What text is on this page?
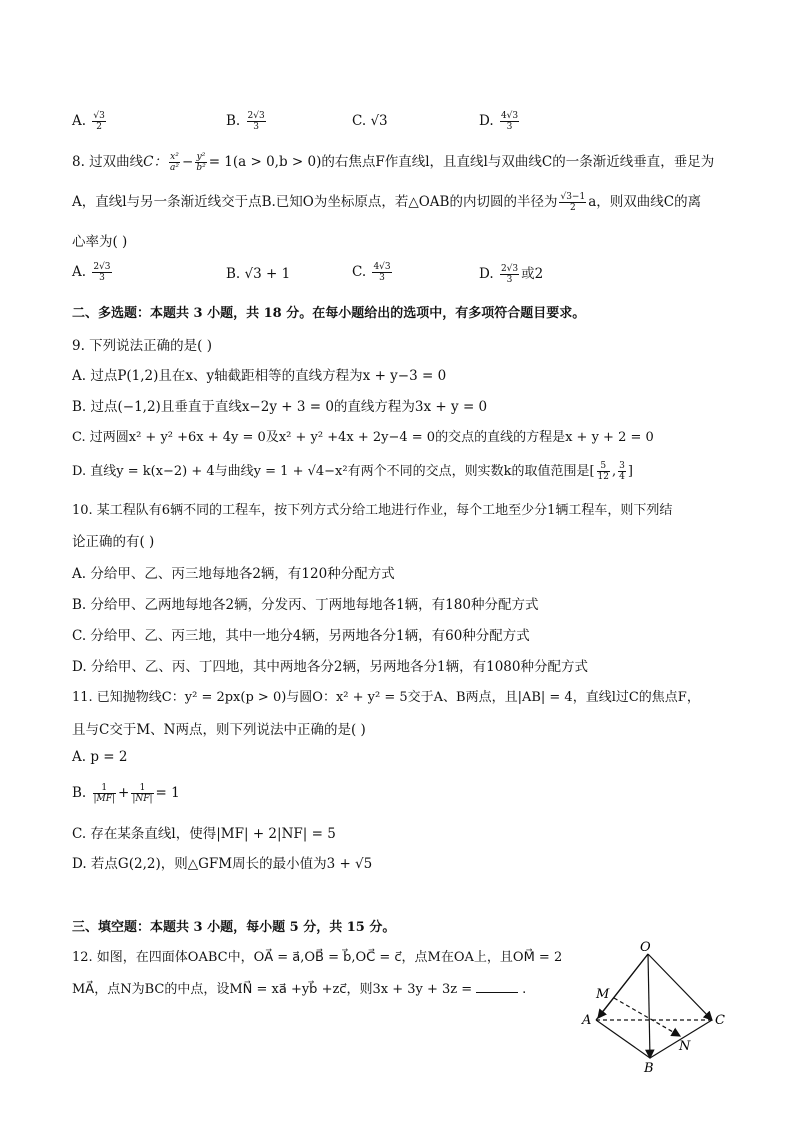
A. $\frac{√3}{2}$	B. $\frac{2√3}{3}$	C. √3	D. $\frac{4√3}{3}$
8. 过双曲线C： $\frac{\text{x²}}{\text{a²}} - \frac{\text{y²}}{\text{b²}} = 1(a > 0,b > 0)$的右焦点F作直线l，且直线l与双曲线C的一条渐近线垂直，垂足为
A，直线l与另一条渐近线交于点B.已知O为坐标原点，若△OAB的内切圆的半径为 $\frac{√3-1}{2}$ a，则双曲线C的离
心率为( )
A. $\frac{2√3}{3}$	B. √3 + 1	C. $\frac{4√3}{3}$	D. $\frac{2√3}{3}$ 或2
二、多选题：本题共 3 小题，共 18 分。在每小题给出的选项中，有多项符合题目要求。
9. 下列说法正确的是( )
A. 过点P(1,2)且在x、y轴截距相等的直线方程为x + y−3 = 0
B. 过点(−1,2)且垂直于直线x−2y + 3 = 0的直线方程为3x + y = 0
C. 过两圆x² + y² +6x + 4y = 0及x² + y² +4x + 2y−4 = 0的交点的直线的方程是x + y + 2 = 0
D. 直线y = k(x−2) + 4与曲线y = 1 + √4−x²有两个不同的交点，则实数k的取值范围是[ $\frac{5}{12}$ , $\frac{3}{4}$ ]
10. 某工程队有6辆不同的工程车，按下列方式分给工地进行作业，每个工地至少分1辆工程车，则下列结
论正确的有( )
A. 分给甲、乙、丙三地每地各2辆，有120种分配方式
B. 分给甲、乙两地每地各2辆，分发丙、丁两地每地各1辆，有180种分配方式
C. 分给甲、乙、丙三地，其中一地分4辆，另两地各分1辆，有60种分配方式
D. 分给甲、乙、丙、丁四地，其中两地各分2辆，另两地各分1辆，有1080种分配方式
11. 已知抛物线C：y² = 2px(p > 0)与圆O：x² + y² = 5交于A、B两点，且|AB| = 4，直线l过C的焦点F，
且与C交于M、N两点，则下列说法中正确的是( )
A. p = 2
B. $\frac{1}{|MF|} + \frac{1}{|NF|} = 1$
C. 存在某条直线l，使得|MF| + 2|NF| = 5
D. 若点G(2,2)，则△GFM周长的最小值为3 + √5
三、填空题：本题共 3 小题，每小题 5 分，共 15 分。
12. 如图，在四面体OABC中，OA⃗ = a⃗,OB⃗ = b⃗,OC⃗ = c⃗，点M在OA上，且OM⃗ = 2
MA⃗，点N为BC的中点，设MN⃗ = xa⃗ +yb⃗ +zc⃗，则3x + 3y + 3z =	.
O
A
B
C
M
N
